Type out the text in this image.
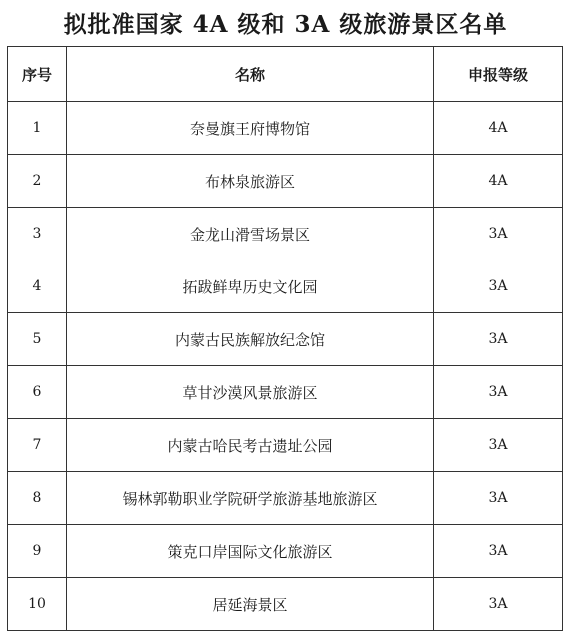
拟批准国家 4A 级和 3A 级旅游景区名单
序号	名称	申报等级
1	奈曼旗王府博物馆	4A
2	布林泉旅游区	4A
3	金龙山滑雪场景区	3A
4	拓跋鲜卑历史文化园	3A
5	内蒙古民族解放纪念馆	3A
6	草甘沙漠风景旅游区	3A
7	内蒙古哈民考古遗址公园	3A
8	锡林郭勒职业学院研学旅游基地旅游区	3A
9	策克口岸国际文化旅游区	3A
10	居延海景区	3A
